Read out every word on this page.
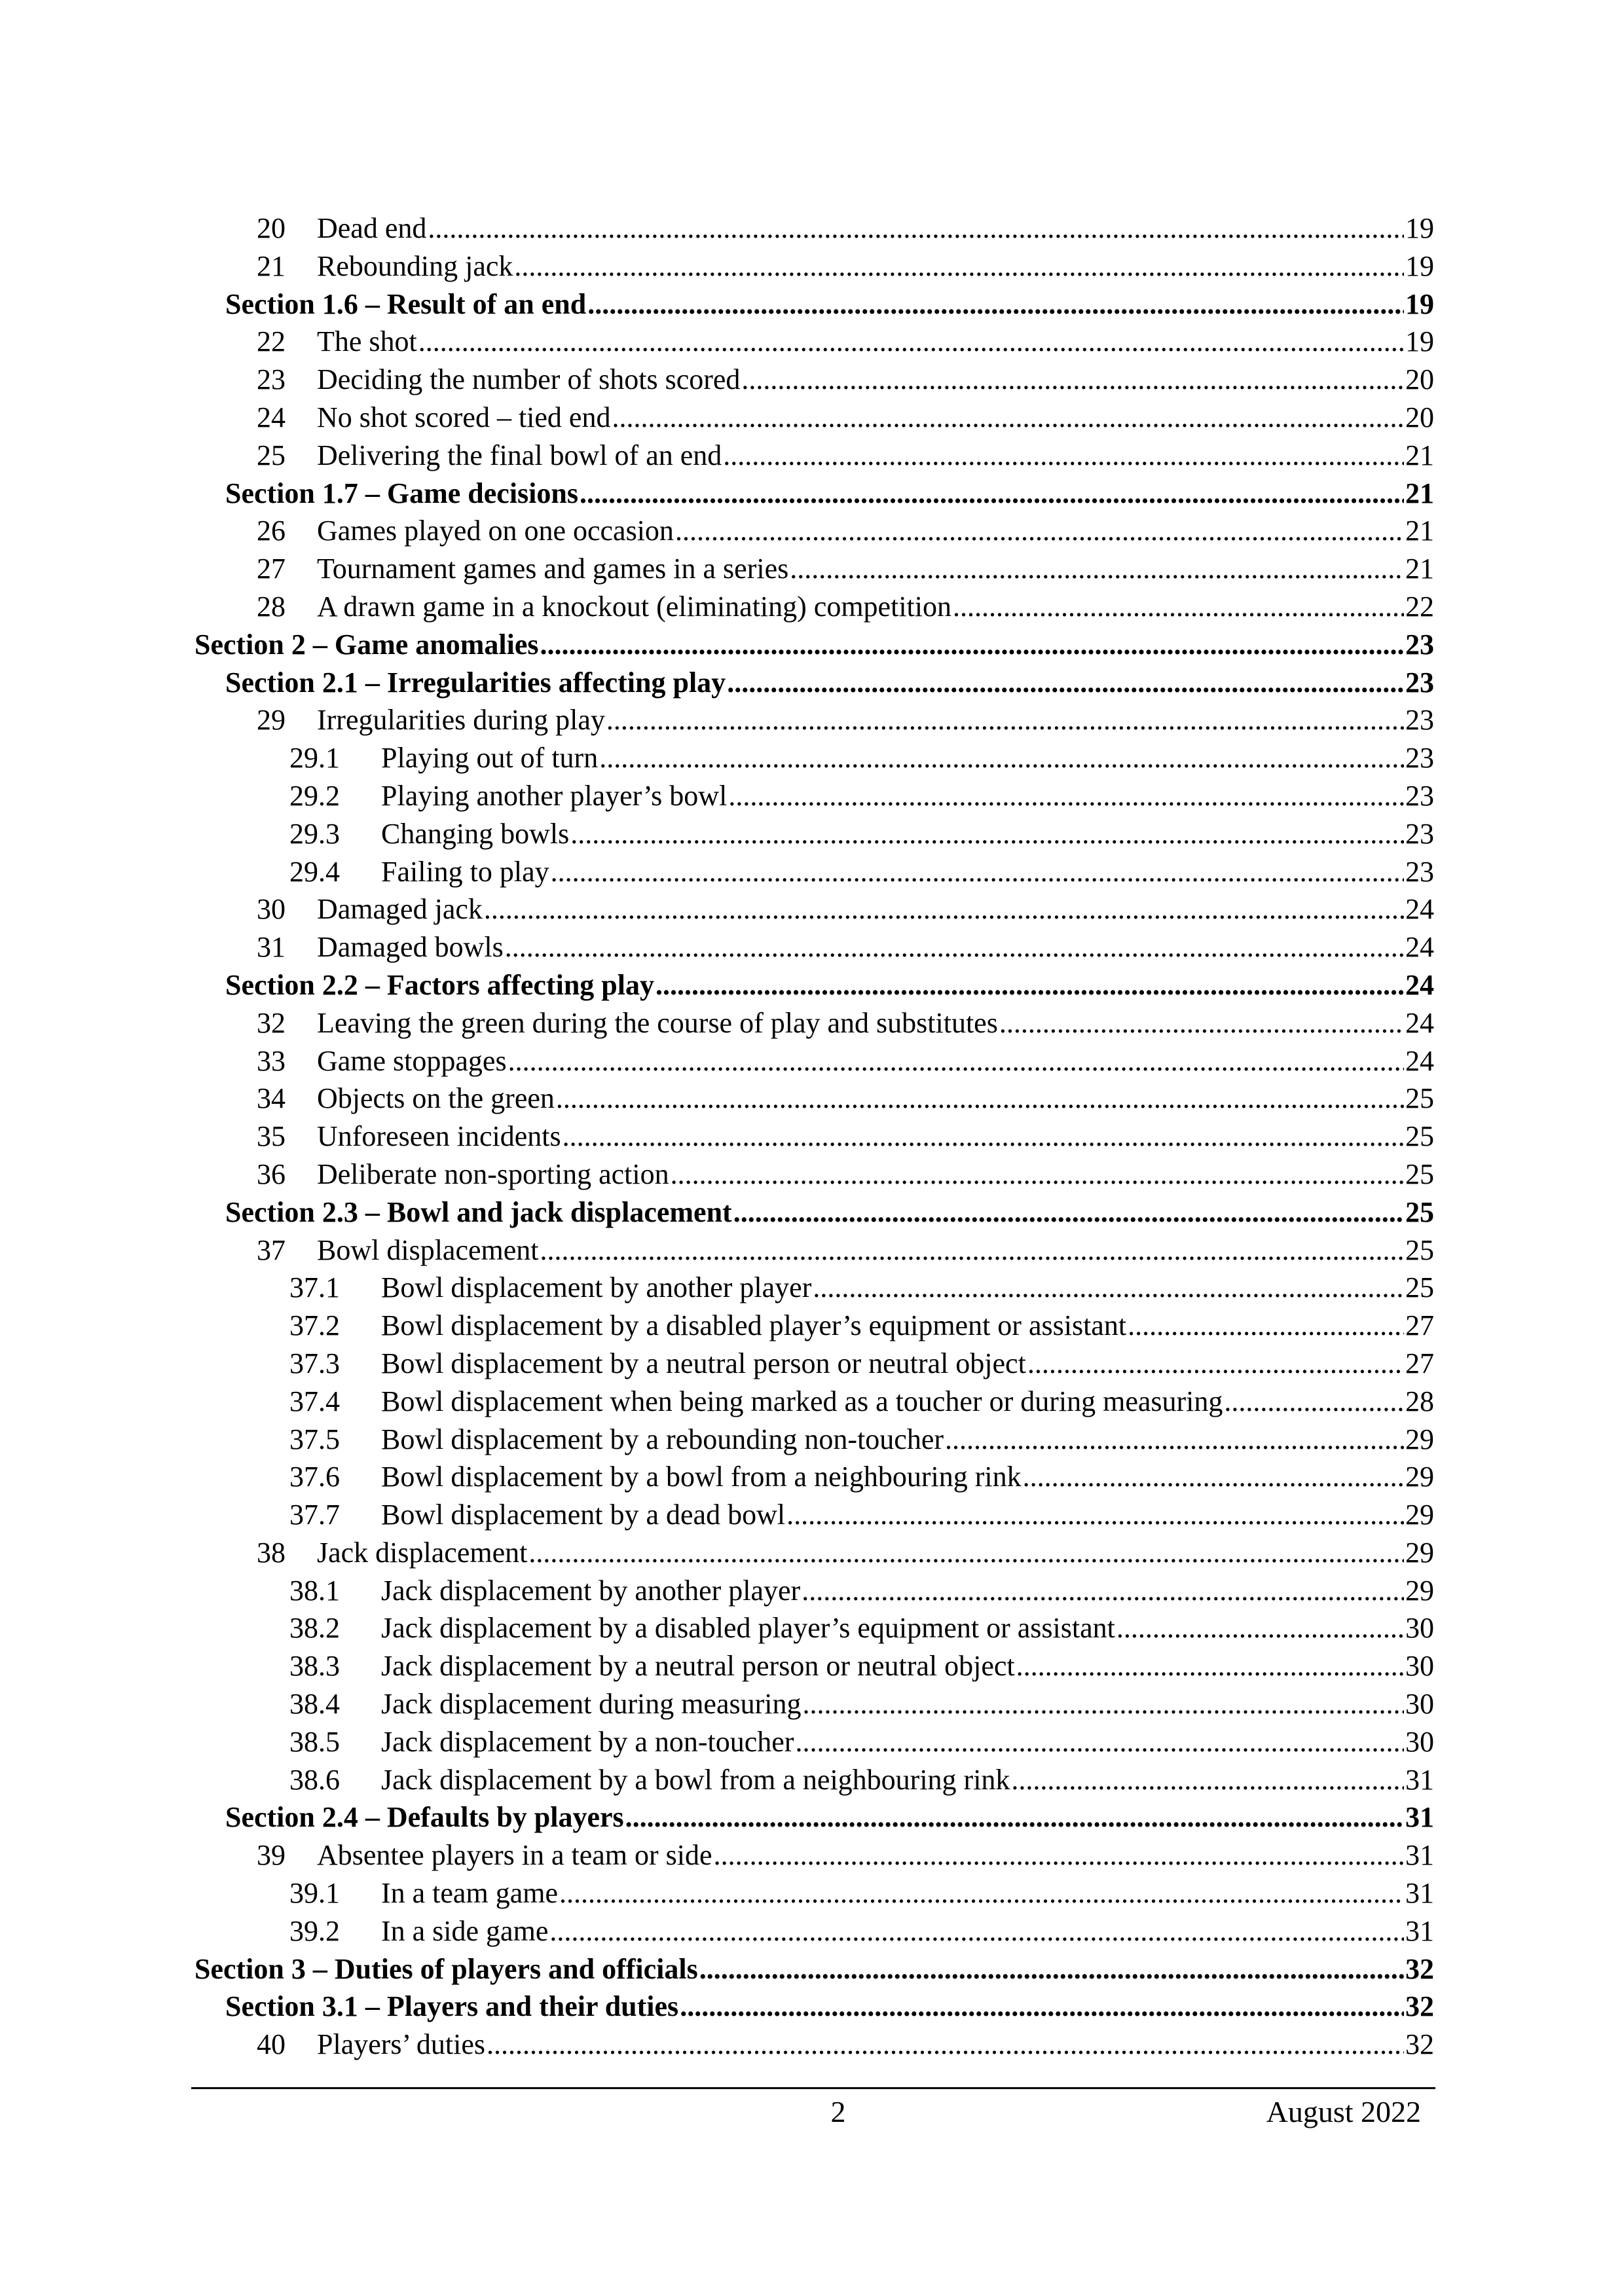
20	Dead end .....	19
21	Rebounding jack .....	19
Section 1.6 – Result of an end .....	19
22	The shot .....	19
23	Deciding the number of shots scored .....	20
24	No shot scored – tied end .....	20
25	Delivering the final bowl of an end .....	21
Section 1.7 – Game decisions .....	21
26	Games played on one occasion .....	21
27	Tournament games and games in a series .....	21
28	A drawn game in a knockout (eliminating) competition .....	22
Section 2 – Game anomalies .....	23
Section 2.1 – Irregularities affecting play .....	23
29	Irregularities during play .....	23
29.1	Playing out of turn .....	23
29.2	Playing another player’s bowl .....	23
29.3	Changing bowls .....	23
29.4	Failing to play .....	23
30	Damaged jack .....	24
31	Damaged bowls .....	24
Section 2.2 – Factors affecting play .....	24
32	Leaving the green during the course of play and substitutes .....	24
33	Game stoppages .....	24
34	Objects on the green .....	25
35	Unforeseen incidents .....	25
36	Deliberate non-sporting action .....	25
Section 2.3 – Bowl and jack displacement .....	25
37	Bowl displacement .....	25
37.1	Bowl displacement by another player .....	25
37.2	Bowl displacement by a disabled player’s equipment or assistant .....	27
37.3	Bowl displacement by a neutral person or neutral object .....	27
37.4	Bowl displacement when being marked as a toucher or during measuring .....	28
37.5	Bowl displacement by a rebounding non-toucher .....	29
37.6	Bowl displacement by a bowl from a neighbouring rink .....	29
37.7	Bowl displacement by a dead bowl .....	29
38	Jack displacement .....	29
38.1	Jack displacement by another player .....	29
38.2	Jack displacement by a disabled player’s equipment or assistant .....	30
38.3	Jack displacement by a neutral person or neutral object .....	30
38.4	Jack displacement during measuring .....	30
38.5	Jack displacement by a non-toucher .....	30
38.6	Jack displacement by a bowl from a neighbouring rink .....	31
Section 2.4 – Defaults by players .....	31
39	Absentee players in a team or side .....	31
39.1	In a team game .....	31
39.2	In a side game .....	31
Section 3 – Duties of players and officials .....	32
Section 3.1 – Players and their duties .....	32
40	Players’ duties .....	32
2	August 2022
